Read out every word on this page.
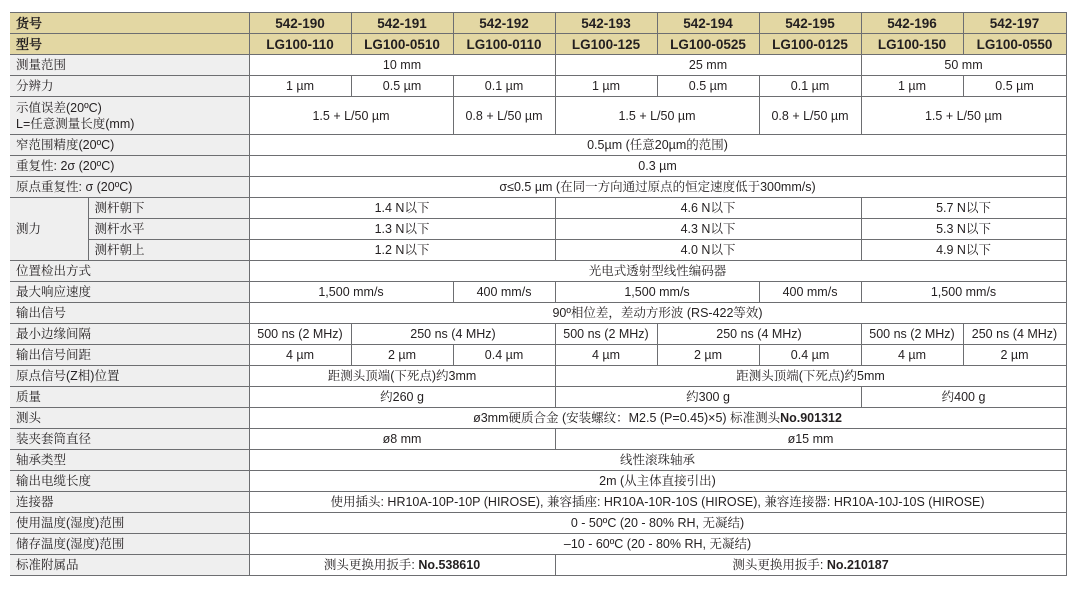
货号		542-190	542-191	542-192	542-193	542-194	542-195	542-196	542-197
型号		LG100-110	LG100-0510	LG100-0110	LG100-125	LG100-0525	LG100-0125	LG100-150	LG100-0550
测量范围		10 mm			25 mm			50 mm	
分辨力		1 µm	0.5 µm	0.1 µm	1 µm	0.5 µm	0.1 µm	1 µm	0.5 µm
示值误差(20ºC)
L=任意测量长度(mm)		1.5 + L/50 µm		0.8 + L/50 µm	1.5 + L/50 µm		0.8 + L/50 µm	1.5 + L/50 µm	
窄范围精度(20ºC)		0.5µm (任意20µm的范围)							
重复性: 2σ (20ºC)		0.3 µm							
原点重复性: σ (20ºC)		σ≤0.5 µm (在同一方向通过原点的恒定速度低于300mm/s)							
测力	测杆朝下	1.4 N以下			4.6 N以下			5.7 N以下	
	测杆水平	1.3 N以下			4.3 N以下			5.3 N以下	
	测杆朝上	1.2 N以下			4.0 N以下			4.9 N以下	
位置检出方式		光电式透射型线性编码器							
最大响应速度		1,500 mm/s		400 mm/s	1,500 mm/s		400 mm/s	1,500 mm/s	
输出信号		90º相位差，差动方形波 (RS-422等效)							
最小边缘间隔		500 ns (2 MHz)	250 ns (4 MHz)		500 ns (2 MHz)	250 ns (4 MHz)		500 ns (2 MHz)	250 ns (4 MHz)
输出信号间距		4 µm	2 µm	0.4 µm	4 µm	2 µm	0.4 µm	4 µm	2 µm
原点信号(Z相)位置		距测头顶端(下死点)约3mm			距测头顶端(下死点)约5mm				
质量		约260 g			约300 g			约400 g	
测头		ø3mm硬质合金 (安装螺纹：M2.5 (P=0.45)×5) 标准测头No.901312							
装夹套筒直径		ø8 mm			ø15 mm				
轴承类型		线性滚珠轴承							
输出电缆长度		2m (从主体直接引出)							
连接器		使用插头: HR10A-10P-10P (HIROSE), 兼容插座: HR10A-10R-10S (HIROSE), 兼容连接器: HR10A-10J-10S (HIROSE)							
使用温度(湿度)范围		0 - 50ºC (20 - 80% RH, 无凝结)							
储存温度(湿度)范围		–10 - 60ºC (20 - 80% RH, 无凝结)							
标准附属品		测头更换用扳手: No.538610			测头更换用扳手: No.210187				
